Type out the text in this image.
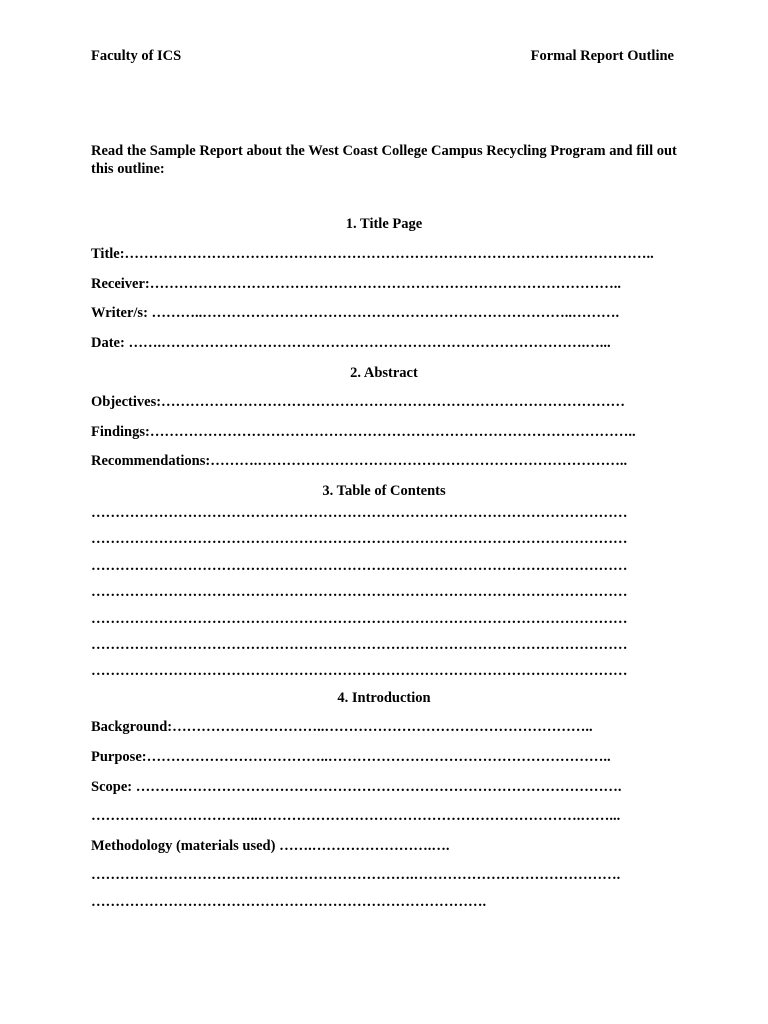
Faculty of ICS	Formal Report Outline
Read the Sample Report about the West Coast College Campus Recycling Program and fill out this outline:
1. Title Page
Title:………………………………………………………………………………………………..
Receiver:……………………………………………………………………………………..
Writer/s: ………..…………………………………………………………………..……….
Date: …….…………………………………………………………………………….…...
2. Abstract
Objectives:……………………………………………………………………………………
Findings:………………………………………………………………………………………..
Recommendations:……….…………………………………………………………………..
3. Table of Contents
…………………………………………………………………………………………………
…………………………………………………………………………………………………
…………………………………………………………………………………………………
…………………………………………………………………………………………………
…………………………………………………………………………………………………
…………………………………………………………………………………………………
…………………………………………………………………………………………………
4. Introduction
Background:…………………………..………………………………………………..
Purpose:………………………………..…………………………………………………..
Scope: ……….……………………………………………………………………………….
……………………………..………………………………………………………….……...
Methodology (materials used) …….…………………….….
………………………………………………………….…………………………………….
……………………………………………………………………….
